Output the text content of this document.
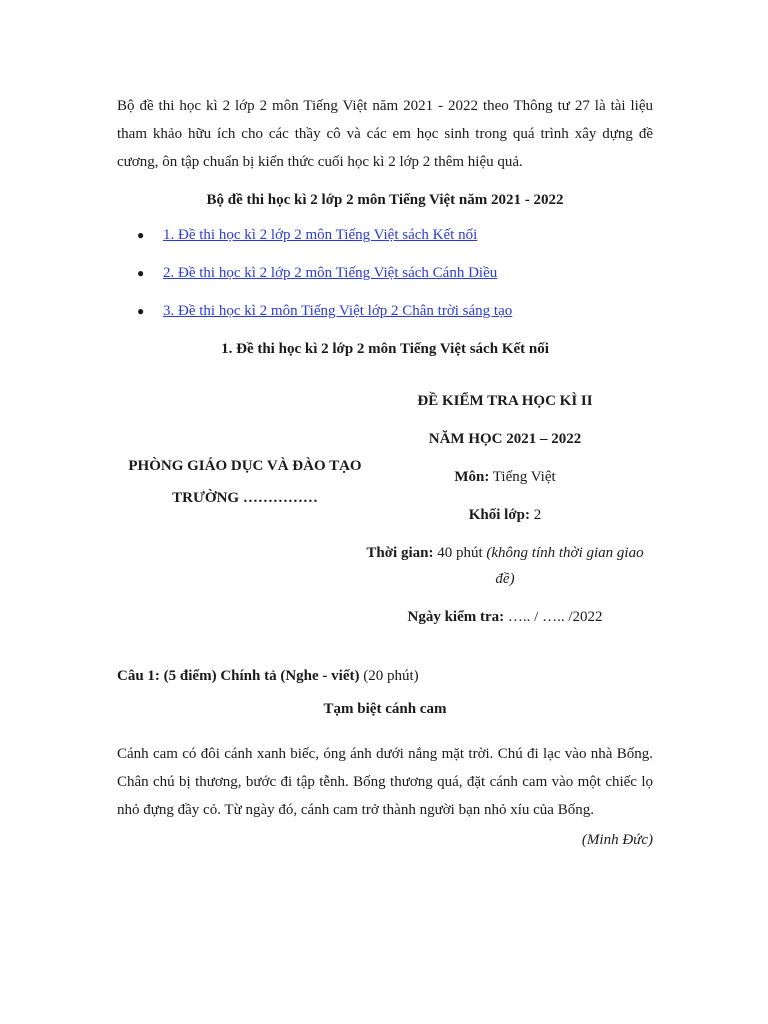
Bộ đề thi học kì 2 lớp 2 môn Tiếng Việt năm 2021 - 2022 theo Thông tư 27 là tài liệu tham khảo hữu ích cho các thầy cô và các em học sinh trong quá trình xây dựng đề cương, ôn tập chuẩn bị kiến thức cuối học kì 2 lớp 2 thêm hiệu quả.

Bộ đề thi học kì 2 lớp 2 môn Tiếng Việt năm 2021 - 2022

● 1. Đề thi học kì 2 lớp 2 môn Tiếng Việt sách Kết nối
● 2. Đề thi học kì 2 lớp 2 môn Tiếng Việt sách Cánh Diều
● 3. Đề thi học kì 2 môn Tiếng Việt lớp 2 Chân trời sáng tạo

1. Đề thi học kì 2 lớp 2 môn Tiếng Việt sách Kết nối

PHÒNG GIÁO DỤC VÀ ĐÀO TẠO
TRƯỜNG ……………
ĐỀ KIỂM TRA HỌC KÌ II
NĂM HỌC 2021 – 2022
Môn: Tiếng Việt
Khối lớp: 2
Thời gian: 40 phút (không tính thời gian giao đề)
Ngày kiểm tra: ….. / ….. /2022

Câu 1: (5 điểm) Chính tả (Nghe - viết) (20 phút)

Tạm biệt cánh cam

Cánh cam có đôi cánh xanh biếc, óng ánh dưới nắng mặt trời. Chú đi lạc vào nhà Bống. Chân chú bị thương, bước đi tập tễnh. Bống thương quá, đặt cánh cam vào một chiếc lọ nhỏ đựng đầy cỏ. Từ ngày đó, cánh cam trở thành người bạn nhỏ xíu của Bống.

(Minh Đức)
